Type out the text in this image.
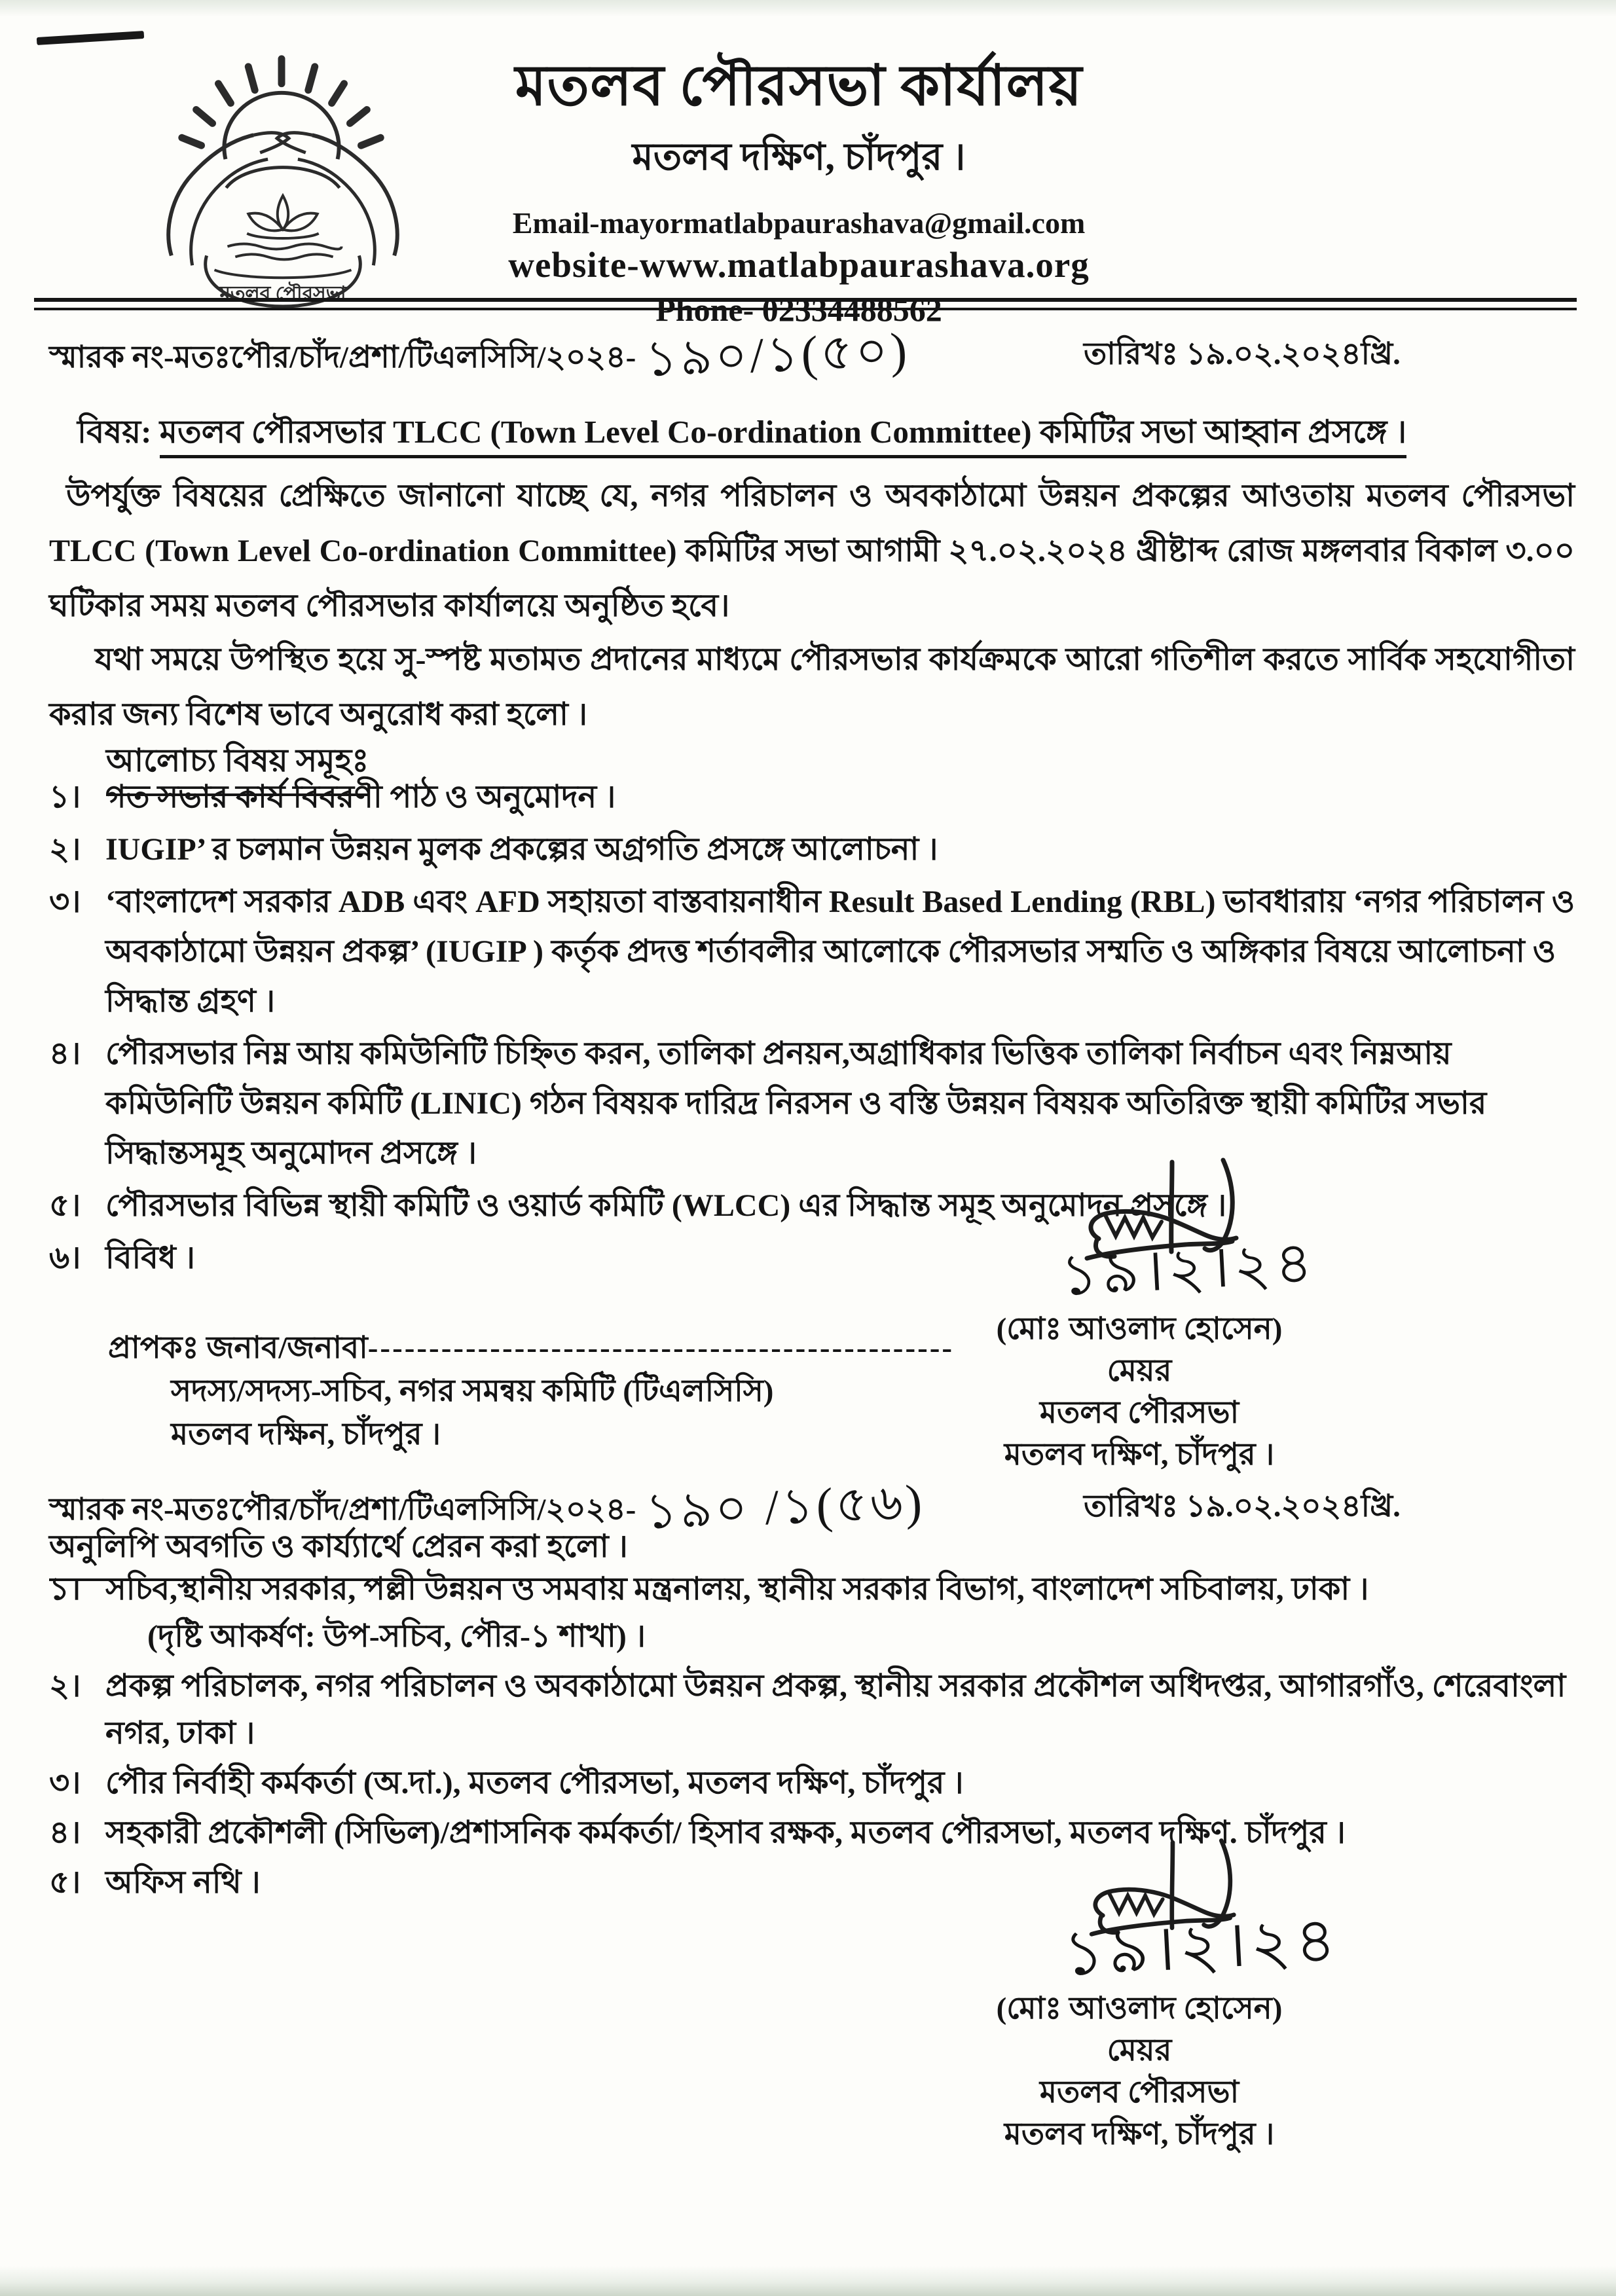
মতলব পৌরসভা
মতলব পৌরসভা কার্যালয়
মতলব দক্ষিণ, চাঁদপুর ।
Email-mayormatlabpaurashava@gmail.com
website-www.matlabpaurashava.org
Phone- 02334488562
স্মারক নং-মতঃপৌর/চাঁদ/প্রশা/টিএলসিসি/২০২৪- ১৯০/১(৫০)	তারিখঃ ১৯.০২.২০২৪খ্রি.
বিষয়: মতলব পৌরসভার TLCC (Town Level Co-ordination Committee) কমিটির সভা আহ্বান প্রসঙ্গে ।
উপর্যুক্ত বিষয়ের প্রেক্ষিতে জানানো যাচ্ছে যে, নগর পরিচালন ও অবকাঠামো উন্নয়ন প্রকল্পের আওতায় মতলব পৌরসভা TLCC (Town Level Co-ordination Committee) কমিটির সভা আগামী ২৭.০২.২০২৪ খ্রীষ্টাব্দ রোজ মঙ্গলবার বিকাল ৩.০০ ঘটিকার সময় মতলব পৌরসভার কার্যালয়ে অনুষ্ঠিত হবে।
যথা সময়ে উপস্থিত হয়ে সু-স্পষ্ট মতামত প্রদানের মাধ্যমে পৌরসভার কার্যক্রমকে আরো গতিশীল করতে সার্বিক সহযোগীতা করার জন্য বিশেষ ভাবে অনুরোধ করা হলো ।
আলোচ্য বিষয় সমূহঃ
১। গত সভার কার্য বিবরণী পাঠ ও অনুমোদন ।
২। IUGIP’ র চলমান উন্নয়ন মুলক প্রকল্পের অগ্রগতি প্রসঙ্গে আলোচনা ।
৩। ‘বাংলাদেশ সরকার ADB এবং AFD সহায়তা বাস্তবায়নাধীন Result Based Lending (RBL) ভাবধারায় ‘নগর পরিচালন ও অবকাঠামো উন্নয়ন প্রকল্প’ (IUGIP ) কর্তৃক প্রদত্ত শর্তাবলীর আলোকে পৌরসভার সম্মতি ও অঙ্গিকার বিষয়ে আলোচনা ও সিদ্ধান্ত গ্রহণ ।
৪। পৌরসভার নিম্ন আয় কমিউনিটি চিহ্নিত করন, তালিকা প্রনয়ন,অগ্রাধিকার ভিত্তিক তালিকা নির্বাচন এবং নিম্নআয় কমিউনিটি উন্নয়ন কমিটি (LINIC) গঠন বিষয়ক দারিদ্র নিরসন ও বস্তি উন্নয়ন বিষয়ক অতিরিক্ত স্থায়ী কমিটির সভার সিদ্ধান্তসমূহ অনুমোদন প্রসঙ্গে ।
৫। পৌরসভার বিভিন্ন স্থায়ী কমিটি ও ওয়ার্ড কমিটি (WLCC) এর সিদ্ধান্ত সমূহ অনুমোদন প্রসঙ্গে ।
৬। বিবিধ ।	১৯।২।২৪
(মোঃ আওলাদ হোসেন)
মেয়র
মতলব পৌরসভা
মতলব দক্ষিণ, চাঁদপুর ।
প্রাপকঃ জনাব/জনাবা------------------------------------------------
সদস্য/সদস্য-সচিব, নগর সমন্বয় কমিটি (টিএলসিসি)
মতলব দক্ষিন, চাঁদপুর ।
স্মারক নং-মতঃপৌর/চাঁদ/প্রশা/টিএলসিসি/২০২৪- ১৯০ /১(৫৬)	তারিখঃ ১৯.০২.২০২৪খ্রি.
অনুলিপি অবগতি ও কার্য্যার্থে প্রেরন করা হলো ।
১। সচিব,স্থানীয় সরকার, পল্লী উন্নয়ন ও সমবায় মন্ত্রনালয়, স্থানীয় সরকার বিভাগ, বাংলাদেশ সচিবালয়, ঢাকা ।
(দৃষ্টি আকর্ষণ: উপ-সচিব, পৌর-১ শাখা) ।
২। প্রকল্প পরিচালক, নগর পরিচালন ও অবকাঠামো উন্নয়ন প্রকল্প, স্থানীয় সরকার প্রকৌশল অধিদপ্তর, আগারগাঁও, শেরেবাংলা নগর, ঢাকা ।
৩। পৌর নির্বাহী কর্মকর্তা (অ.দা.), মতলব পৌরসভা, মতলব দক্ষিণ, চাঁদপুর ।
৪। সহকারী প্রকৌশলী (সিভিল)/প্রশাসনিক কর্মকর্তা/ হিসাব রক্ষক, মতলব পৌরসভা, মতলব দক্ষিণ. চাঁদপুর ।
৫। অফিস নথি ।
১৯।২।২৪
(মোঃ আওলাদ হোসেন)
মেয়র
মতলব পৌরসভা
মতলব দক্ষিণ, চাঁদপুর ।
